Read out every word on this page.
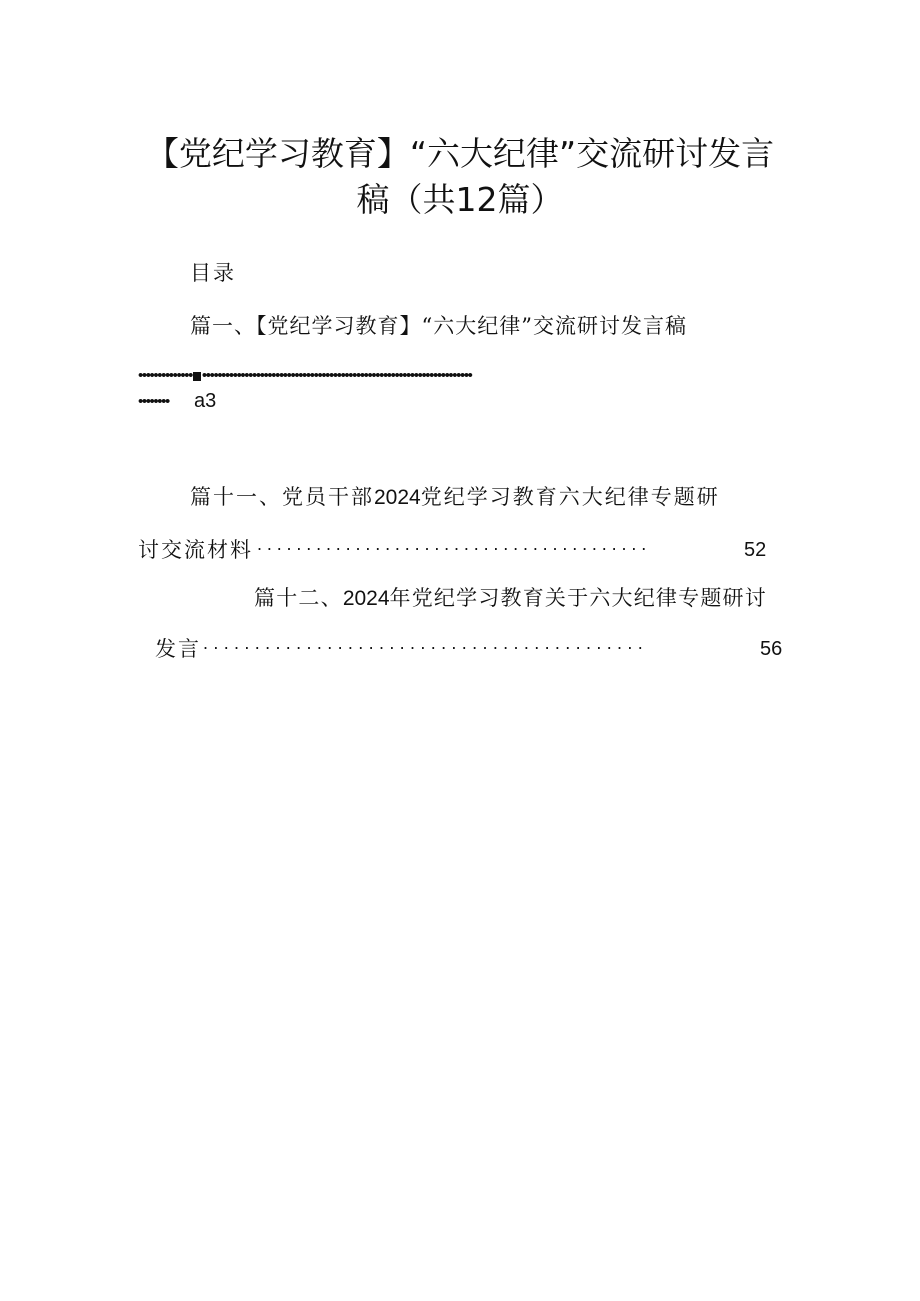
【党纪学习教育】“六大纪律”交流研讨发言
稿（共12篇）
目录
篇一、【党纪学习教育】“六大纪律”交流研讨发言稿
•••••••••••••• ••••••••••••••••••••••••••••••••••••••••••••••••••••••••••••••••••••••
••••••••	a3
篇十一、党员干部2024党纪学习教育六大纪律专题研
讨交流材料 ........................................	52
篇十二、2024年党纪学习教育关于六大纪律专题研讨
发言 ...........................................	56
